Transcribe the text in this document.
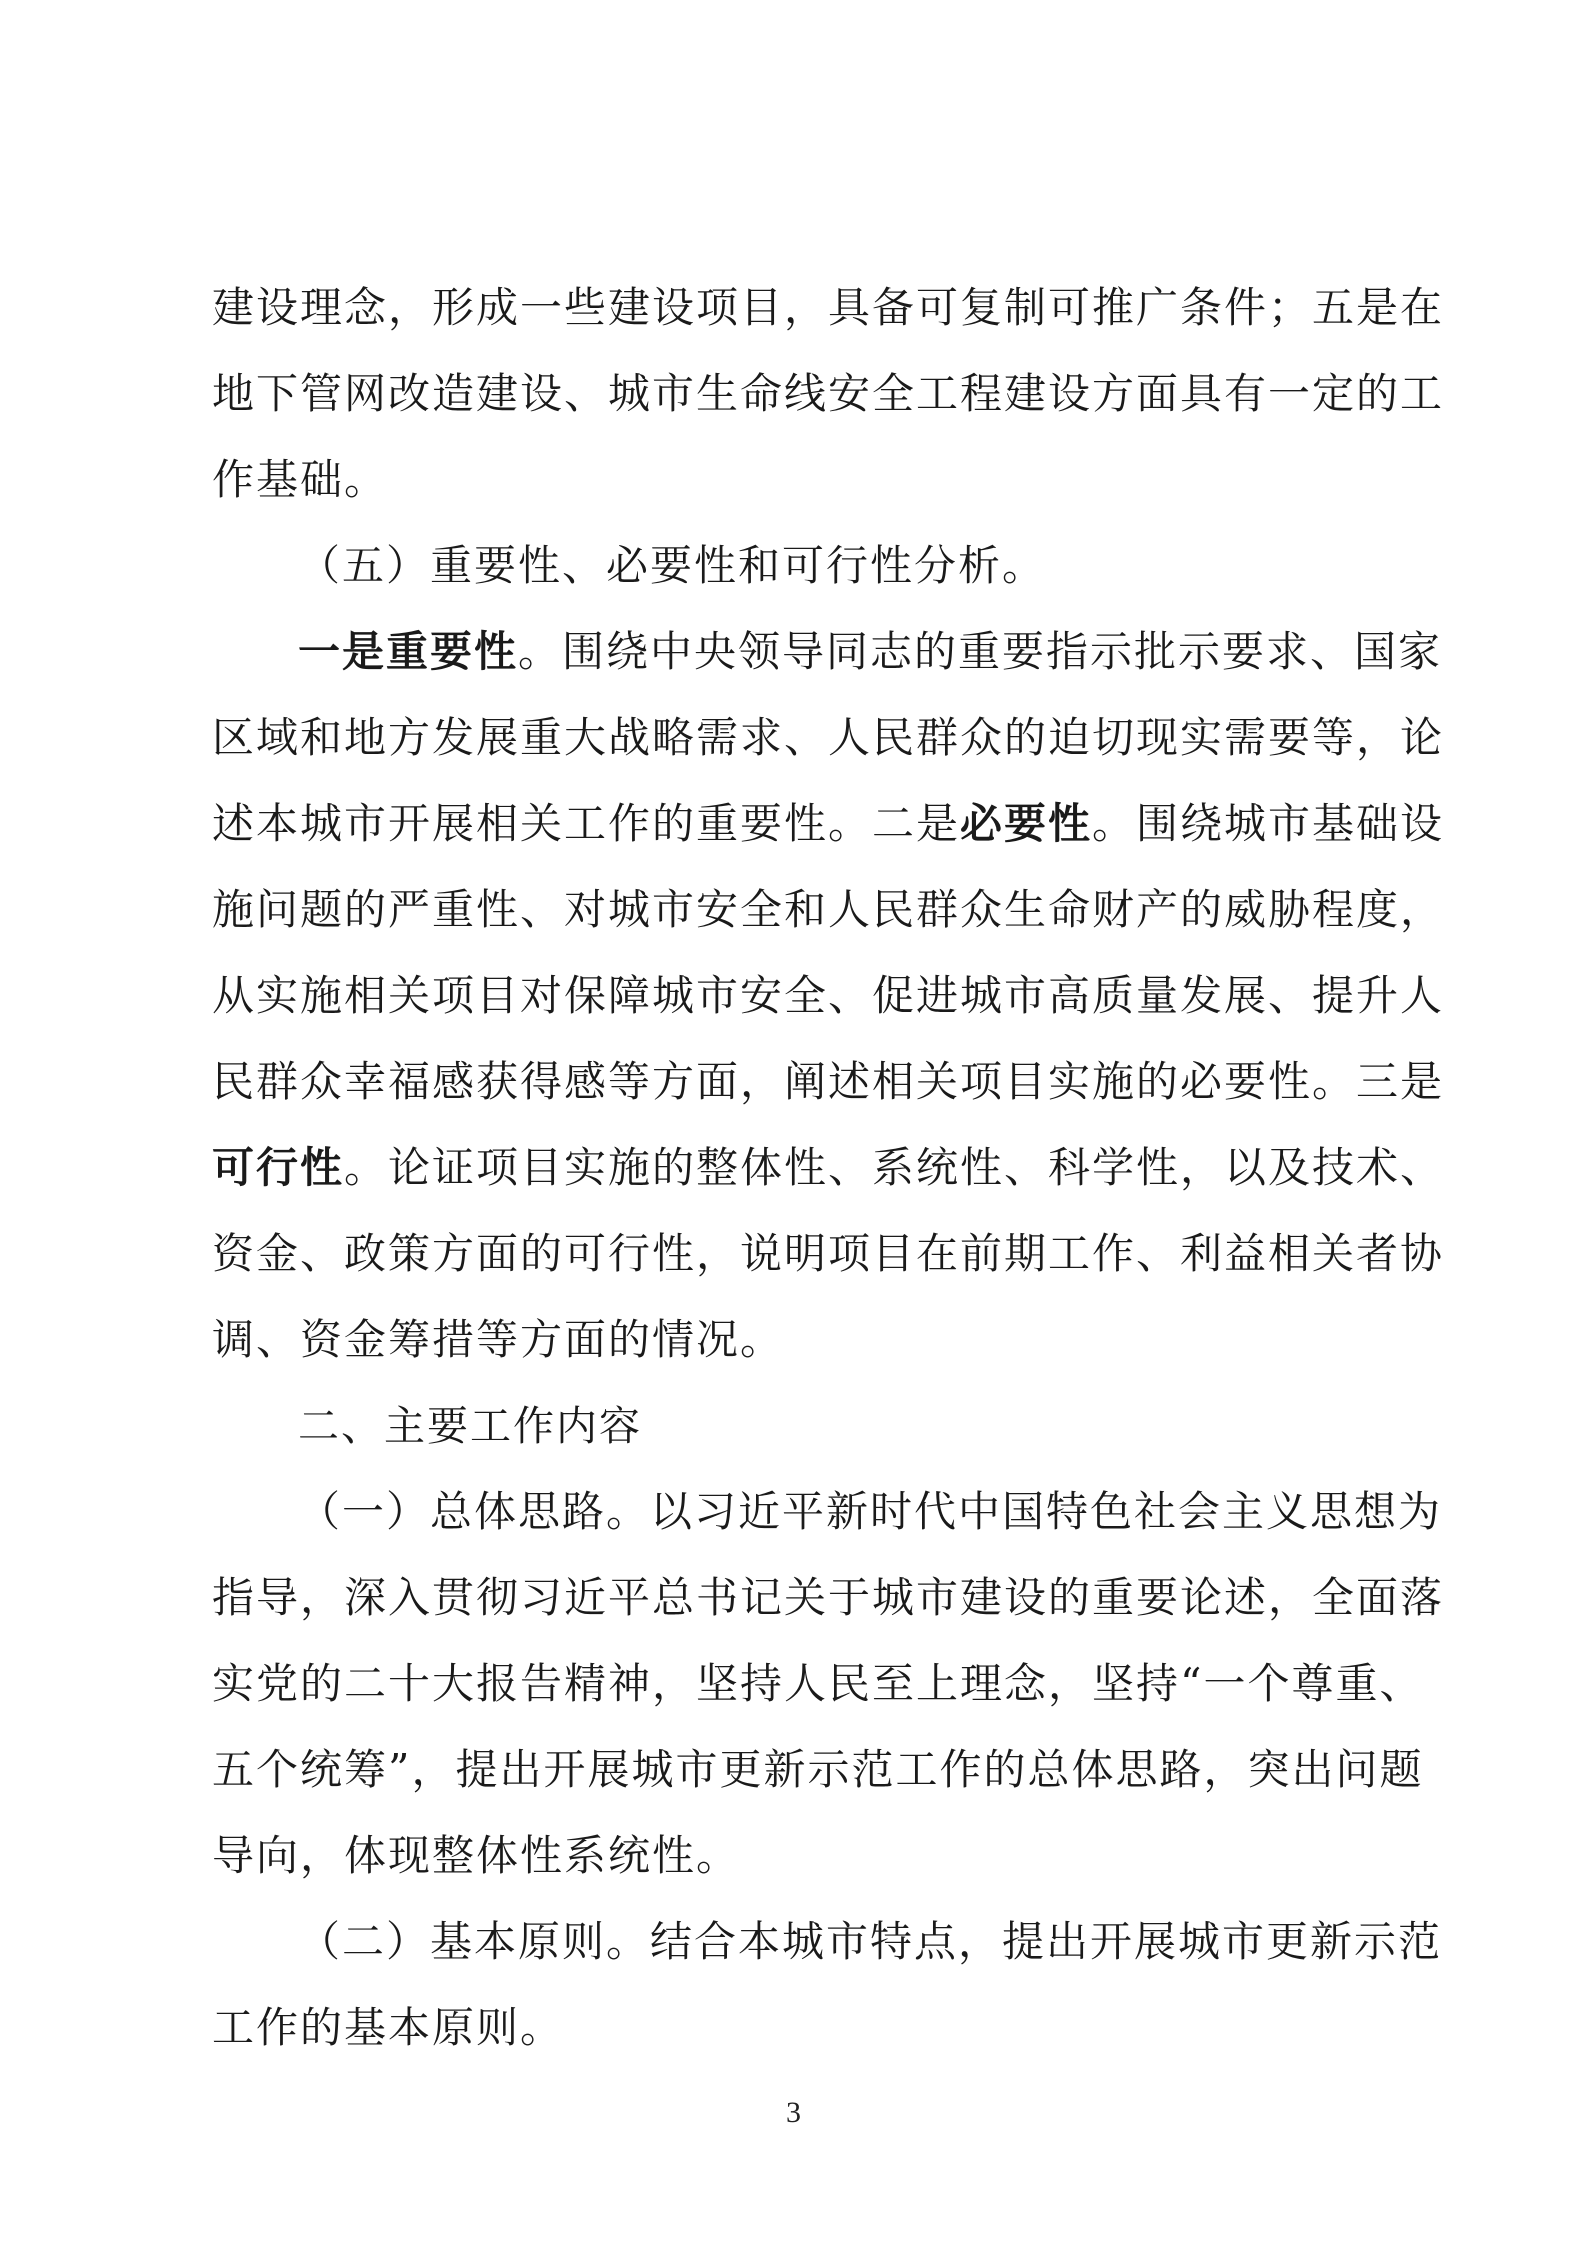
建设理念，形成一些建设项目，具备可复制可推广条件；五是在
地下管网改造建设、城市生命线安全工程建设方面具有一定的工
作基础。
（五）重要性、必要性和可行性分析。
一是重要性。围绕中央领导同志的重要指示批示要求、国家
区域和地方发展重大战略需求、人民群众的迫切现实需要等，论
述本城市开展相关工作的重要性。二是必要性。围绕城市基础设
施问题的严重性、对城市安全和人民群众生命财产的威胁程度，
从实施相关项目对保障城市安全、促进城市高质量发展、提升人
民群众幸福感获得感等方面，阐述相关项目实施的必要性。三是
可行性。论证项目实施的整体性、系统性、科学性，以及技术、
资金、政策方面的可行性，说明项目在前期工作、利益相关者协
调、资金筹措等方面的情况。
二、主要工作内容
（一）总体思路。以习近平新时代中国特色社会主义思想为
指导，深入贯彻习近平总书记关于城市建设的重要论述，全面落
实党的二十大报告精神，坚持人民至上理念，坚持“一个尊重、
五个统筹”，提出开展城市更新示范工作的总体思路，突出问题
导向，体现整体性系统性。
（二）基本原则。结合本城市特点，提出开展城市更新示范
工作的基本原则。
3
